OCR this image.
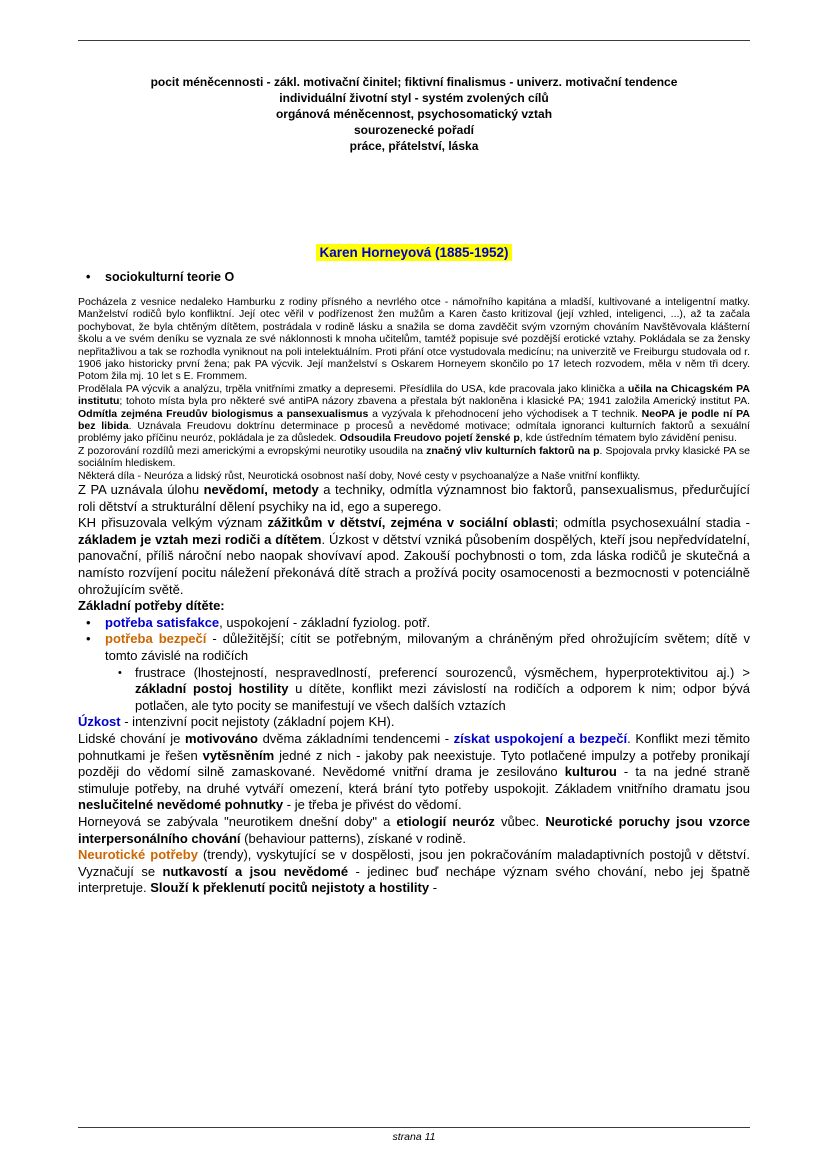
pocit méněcennosti - zákl. motivační činitel; fiktivní finalismus - univerz. motivační tendence
individuální životní styl - systém zvolených cílů
orgánová méněcennost, psychosomatický vztah
sourozenecké pořadí
práce, přátelství, láska
Karen Horneyová (1885-1952)
•	sociokulturní teorie O

Pocházela z vesnice nedaleko Hamburku z rodiny přísného a nevrlého otce - námořního kapitána a mladší, kultivované a inteligentní matky. Manželství rodičů bylo konfliktní. Její otec věřil v podřízenost žen mužům a Karen často kritizoval (její vzhled, inteligenci, ...), až ta začala pochybovat, že byla chtěným dítětem, postrádala v rodině lásku a snažila se doma zavděčit svým vzorným chováním Navštěvovala klášterní školu a ve svém deníku se vyznala ze své náklonnosti k mnoha učitelům, tamtéž popisuje své pozdější erotické vztahy. Pokládala se za žensky nepřitažlivou a tak se rozhodla vyniknout na poli intelektuálním. Proti přání otce vystudovala medicínu; na univerzitě ve Freiburgu studovala od r. 1906 jako historicky první žena; pak PA výcvik. Její manželství s Oskarem Horneyem skončilo po 17 letech rozvodem, měla v něm tři dcery. Potom žila mj. 10 let s E. Frommem.

Prodělala PA výcvik a analýzu, trpěla vnitřními zmatky a depresemi. Přesídlila do USA, kde pracovala jako klinička a učila na Chicagském PA institutu; tohoto místa byla pro některé své antiPA názory zbavena a přestala být nakloněna i klasické PA; 1941 založila Americký institut PA. Odmítla zejména Freudův biologismus a pansexualismus a vyzývala k přehodnocení jeho východisek a T technik. NeoPA je podle ní PA bez libida. Uznávala Freudovu doktrínu determinace p procesů a nevědomé motivace; odmítala ignoranci kulturních faktorů a sexuální problémy jako příčinu neuróz, pokládala je za důsledek. Odsoudila Freudovo pojetí ženské p, kde ústředním tématem bylo závidění penisu.

Z pozorování rozdílů mezi americkými a evropskými neurotiky usoudila na značný vliv kulturních faktorů na p. Spojovala prvky klasické PA se sociálním hlediskem.

Některá díla - Neuróza a lidský růst, Neurotická osobnost naší doby, Nové cesty v psychoanalýze a Naše vnitřní konflikty.

Z PA uznávala úlohu nevědomí, metody a techniky, odmítla významnost bio faktorů, pansexualismus, předurčující roli dětství a strukturální dělení psychiky na id, ego a superego.

KH přisuzovala velkým význam zážitkům v dětství, zejména v sociální oblasti; odmítla psychosexuální stadia - základem je vztah mezi rodiči a dítětem. Úzkost v dětství vzniká působením dospělých, kteří jsou nepředvídatelní, panovační, příliš nároční nebo naopak shovívaví apod. Zakouší pochybnosti o tom, zda láska rodičů je skutečná a namísto rozvíjení pocitu náležení překonává dítě strach a prožívá pocity osamocenosti a bezmocnosti v potenciálně ohrožujícím světě.

Základní potřeby dítěte:

•	potřeba satisfakce, uspokojení - základní fyziolog. potř.
•	potřeba bezpečí - důležitější; cítit se potřebným, milovaným a chráněným před ohrožujícím světem; dítě v tomto závislé na rodičích
•	frustrace (lhostejností, nespravedlností, preferencí sourozenců, výsměchem, hyperprotektivitou aj.) > základní postoj hostility u dítěte, konflikt mezi závislostí na rodičích a odporem k nim; odpor bývá potlačen, ale tyto pocity se manifestují ve všech dalších vztazích

Úzkost - intenzivní pocit nejistoty (základní pojem KH).

Lidské chování je motivováno dvěma základními tendencemi - získat uspokojení a bezpečí. Konflikt mezi těmito pohnutkami je řešen vytěsněním jedné z nich - jakoby pak neexistuje. Tyto potlačené impulzy a potřeby pronikají později do vědomí silně zamaskované. Nevědomé vnitřní drama je zesilováno kulturou - ta na jedné straně stimuluje potřeby, na druhé vytváří omezení, která brání tyto potřeby uspokojit. Základem vnitřního dramatu jsou neslučitelné nevědomé pohnutky - je třeba je přivést do vědomí.

Horneyová se zabývala "neurotikem dnešní doby" a etiologií neuróz vůbec. Neurotické poruchy jsou vzorce interpersonálního chování (behaviour patterns), získané v rodině.

Neurotické potřeby (trendy), vyskytující se v dospělosti, jsou jen pokračováním maladaptivních postojů v dětství. Vyznačují se nutkavostí a jsou nevědomé - jedinec buď nechápe význam svého chování, nebo jej špatně interpretuje. Slouží k překlenutí pocitů nejistoty a hostility -

strana 11
